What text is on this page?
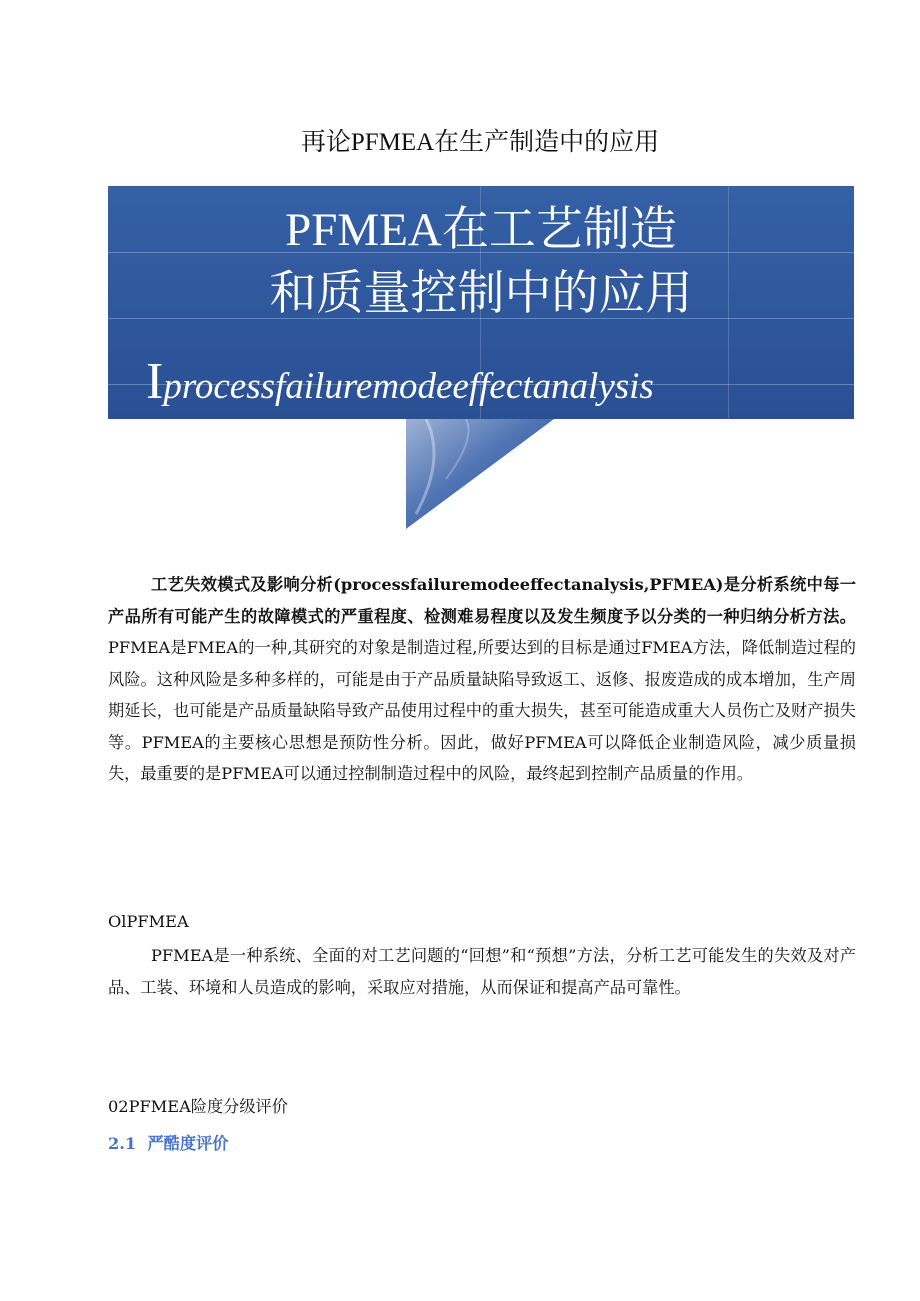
再论PFMEA在生产制造中的应用
PFMEA在工艺制造
和质量控制中的应用
Iprocessfailuremodeeffectanalysis
工艺失效模式及影响分析(processfailuremodeeffectanalysis,PFMEA)是分析系统中每一产品所有可能产生的故障模式的严重程度、检测难易程度以及发生频度予以分类的一种归纳分析方法。PFMEA是FMEA的一种,其研究的对象是制造过程,所要达到的目标是通过FMEA方法，降低制造过程的风险。这种风险是多种多样的，可能是由于产品质量缺陷导致返工、返修、报废造成的成本增加，生产周期延长，也可能是产品质量缺陷导致产品使用过程中的重大损失，甚至可能造成重大人员伤亡及财产损失等。PFMEA的主要核心思想是预防性分析。因此，做好PFMEA可以降低企业制造风险，减少质量损失，最重要的是PFMEA可以通过控制制造过程中的风险，最终起到控制产品质量的作用。
OlPFMEA
PFMEA是一种系统、全面的对工艺问题的“回想”和“预想”方法，分析工艺可能发生的失效及对产品、工装、环境和人员造成的影响，采取应对措施，从而保证和提高产品可靠性。
02PFMEA险度分级评价
2.1 严酷度评价
